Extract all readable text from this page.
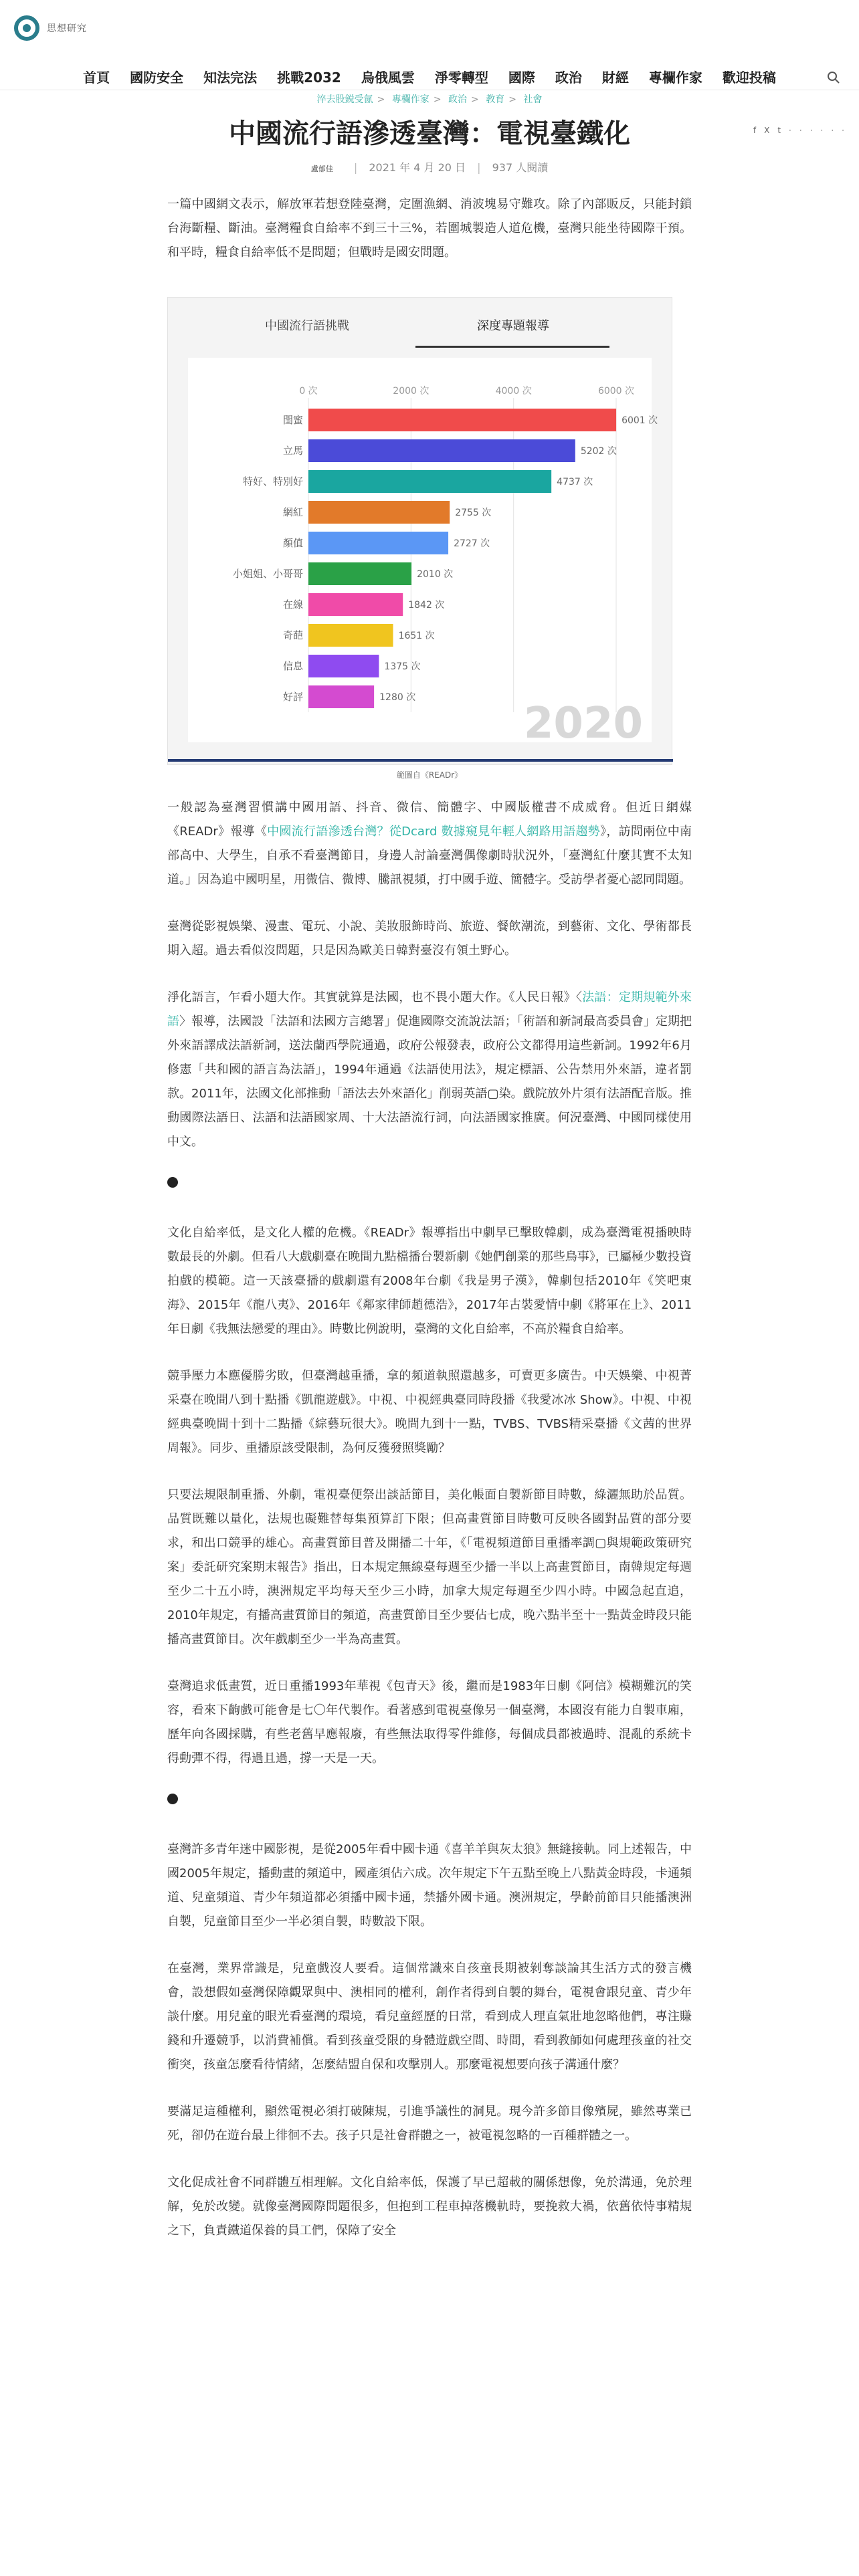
思想研究
首頁	國防安全	知法完法	挑戰2032	烏俄風雲	淨零轉型	國際	政治	財經	專欄作家	歡迎投稿
淬去股鋭受氤 > 專欄作家 > 政治 > 教育 > 社會
f X t · · · · · ·
中國流行語滲透臺灣：電視臺鐵化
盧郁佳 | 2021 年 4 月 20 日 | 937 人閱讀

一篇中國網文表示，解放軍若想登陸臺灣，定圍漁網、消波塊易守難攻。除了內部販反，只能封鎖台海斷糧、斷油。臺灣糧食自給率不到三十三%，若圍城製造人道危機，臺灣只能坐待國際干預。和平時，糧食自給率低不是問題；但戰時是國安問題。

中國流行語挑戰	深度專題報導
0 次	2000 次	4000 次	6000 次
閨蜜	6001 次
立馬	5202 次
特好、特別好	4737 次
網紅	2755 次
顏值	2727 次
小姐姐、小哥哥	2010 次
在線	1842 次
奇葩	1651 次
信息	1375 次
好評	1280 次
2020
範圖自《READr》

一般認為臺灣習慣講中國用語、抖音、微信、簡體字、中國版權書不成威脅。但近日網媒《READr》報導《中國流行語滲透台灣？從Dcard 數據窺見年輕人網路用語趨勢》，訪問兩位中南部高中、大學生，自承不看臺灣節目，身邊人討論臺灣偶像劇時狀況外，「臺灣紅什麼其實不太知道。」因為追中國明星，用微信、微博、騰訊視頻，打中國手遊、簡體字。受訪學者憂心認同問題。

臺灣從影視娛樂、漫畫、電玩、小說、美妝服飾時尚、旅遊、餐飲潮流，到藝術、文化、學術都長期入超。過去看似沒問題，只是因為歐美日韓對臺沒有領土野心。

淨化語言，乍看小題大作。其實就算是法國，也不畏小題大作。《人民日報》〈法語：定期規範外來語〉報導，法國設「法語和法國方言總署」促進國際交流說法語；「術語和新詞最高委員會」定期把外來語譯成法語新詞，送法蘭西學院通過，政府公報發表，政府公文都得用這些新詞。1992年6月修憲「共和國的語言為法語」，1994年通過《法語使用法》，規定標語、公告禁用外來語，違者罰款。2011年，法國文化部推動「語法去外來語化」削弱英語▢染。戲院放外片須有法語配音版。推動國際法語日、法語和法語國家周、十大法語流行詞，向法語國家推廣。何況臺灣、中國同樣使用中文。

文化自給率低，是文化人權的危機。《READr》報導指出中劇早已擊敗韓劇，成為臺灣電視播映時數最長的外劇。但看八大戲劇臺在晚間九點檔播台製新劇《她們創業的那些鳥事》，已屬極少數投資拍戲的模範。這一天該臺播的戲劇還有2008年台劇《我是男子漢》，韓劇包括2010年《笑吧東海》、2015年《龍八夷》、2016年《鄰家律師趙德浩》，2017年古裝愛情中劇《將軍在上》、2011年日劇《我無法戀愛的理由》。時數比例說明，臺灣的文化自給率，不高於糧食自給率。

競爭壓力本應優勝劣敗，但臺灣越重播，拿的頻道執照還越多，可賣更多廣告。中天娛樂、中視菁采臺在晚間八到十點播《凱龍遊戲》。中視、中視經典臺同時段播《我愛冰冰 Show》。中視、中視經典臺晚間十到十二點播《綜藝玩很大》。晚間九到十一點，TVBS、TVBS精采臺播《文茜的世界周報》。同步、重播原該受限制，為何反獲發照獎勵？

只要法規限制重播、外劇，電視臺便祭出談話節目，美化帳面自製新節目時數，綠灑無助於品質。品質既難以量化，法規也礙難替每集預算訂下限；但高畫質節目時數可反映各國對品質的部分要求，和出口競爭的雄心。高畫質節目普及開播二十年，《「電視頻道節目重播率調▢與規範政策研究案」委託研究案期末報告》指出，日本規定無線臺每週至少播一半以上高畫質節目，南韓規定每週至少二十五小時，澳洲規定平均每天至少三小時，加拿大規定每週至少四小時。中國急起直追，2010年規定，有播高畫質節目的頻道，高畫質節目至少要佔七成，晚六點半至十一點黃金時段只能播高畫質節目。次年戲劇至少一半為高畫質。

臺灣追求低畫質，近日重播1993年華視《包青天》後，繼而是1983年日劇《阿信》模糊難沉的笑容，看來下齣戲可能會是七〇年代製作。看著感到電視臺像另一個臺灣，本國沒有能力自製車廂，歷年向各國採購，有些老舊早應報廢，有些無法取得零件維修，每個成員都被過時、混亂的系統卡得動彈不得，得過且過，撐一天是一天。

臺灣許多青年迷中國影視，是從2005年看中國卡通《喜羊羊與灰太狼》無縫接軌。同上述報告，中國2005年規定，播動畫的頻道中，國產須佔六成。次年規定下午五點至晚上八點黃金時段，卡通頻道、兒童頻道、青少年頻道都必須播中國卡通，禁播外國卡通。澳洲規定，學齡前節目只能播澳洲自製，兒童節目至少一半必須自製，時數設下限。

在臺灣，業界常識是，兒童戲沒人要看。這個常識來自孩童長期被剝奪談論其生活方式的發言機會，設想假如臺灣保障觀眾與中、澳相同的權利，創作者得到自製的舞台，電視會跟兒童、青少年談什麼。用兒童的眼光看臺灣的環境，看兒童經歷的日常，看到成人理直氣壯地忽略他們，專注賺錢和升遷競爭，以消費補償。看到孩童受限的身體遊戲空間、時間，看到教師如何處理孩童的社交衝突，孩童怎麼看待情緒，怎麼結盟自保和攻擊別人。那麼電視想要向孩子溝通什麼？

要滿足這種權利，顯然電視必須打破陳規，引進爭議性的洞見。現今許多節目像殯屍，雖然專業已死，卻仍在遊台最上徘徊不去。孩子只是社會群體之一，被電視忽略的一百種群體之一。

文化促成社會不同群體互相理解。文化自給率低，保護了早已超載的關係想像，免於溝通，免於理解，免於改變。就像臺灣國際問題很多，但抱到工程車掉落機軌時，要挽救大禍，依舊依恃事精規之下，負責鐵道保養的員工們，保障了安全
